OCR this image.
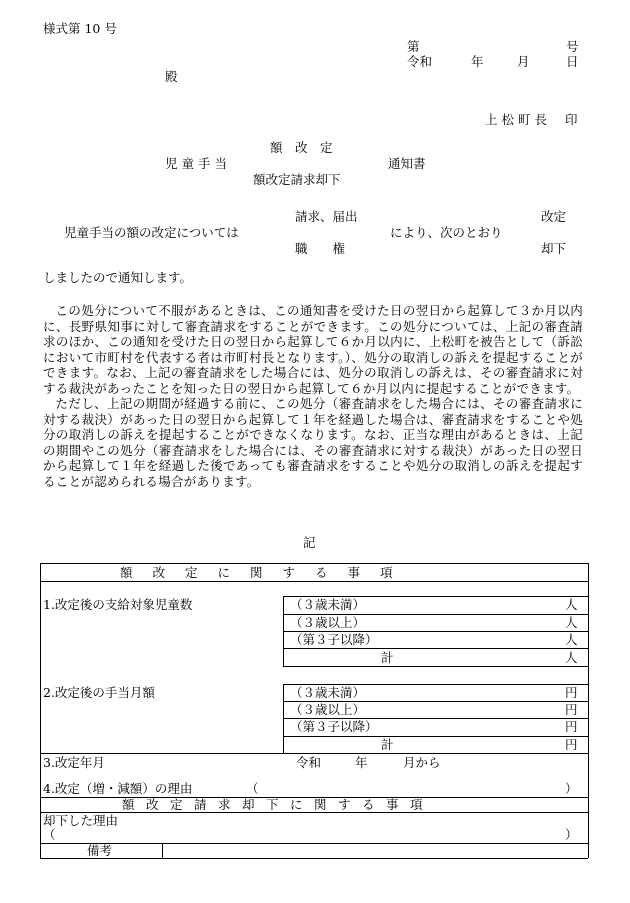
様式第 10 号
第	号
令和	年	月	日
殿
上松町長 印
額　改　定
児童手当	通知書
額改定請求却下
請求、届出	改定
児童手当の額の改定については	により、次のとおり
職　　権	却下
しましたので通知します。

この処分について不服があるときは、この通知書を受けた日の翌日から起算して３か月以内に、長野県知事に対して審査請求をすることができます。この処分については、上記の審査請求のほか、この通知を受けた日の翌日から起算して６か月以内に、上松町を被告として（訴訟において市町村を代表する者は市町村長となります。）、処分の取消しの訴えを提起することができます。なお、上記の審査請求をした場合には、処分の取消しの訴えは、その審査請求に対する裁決があったことを知った日の翌日から起算して６か月以内に提起することができます。

ただし、上記の期間が経過する前に、この処分（審査請求をした場合には、その審査請求に対する裁決）があった日の翌日から起算して１年を経過した場合は、審査請求をすることや処分の取消しの訴えを提起することができなくなります。なお、正当な理由があるときは、上記の期間やこの処分（審査請求をした場合には、その審査請求に対する裁決）があった日の翌日から起算して１年を経過した後であっても審査請求をすることや処分の取消しの訴えを提起することが認められる場合があります。

記
額改定に関する事項
1.改定後の支給対象児童数	（３歳未満）	人
（３歳以上）	人
（第３子以降）	人
計	人
2.改定後の手当月額	（３歳未満）	円
（３歳以上）	円
（第３子以降）	円
計	円
3.改定年月	令和	年	月から
4.改定（増・減額）の理由	（	）
額改定請求却下に関する事項
却下した理由
（	）
備考
